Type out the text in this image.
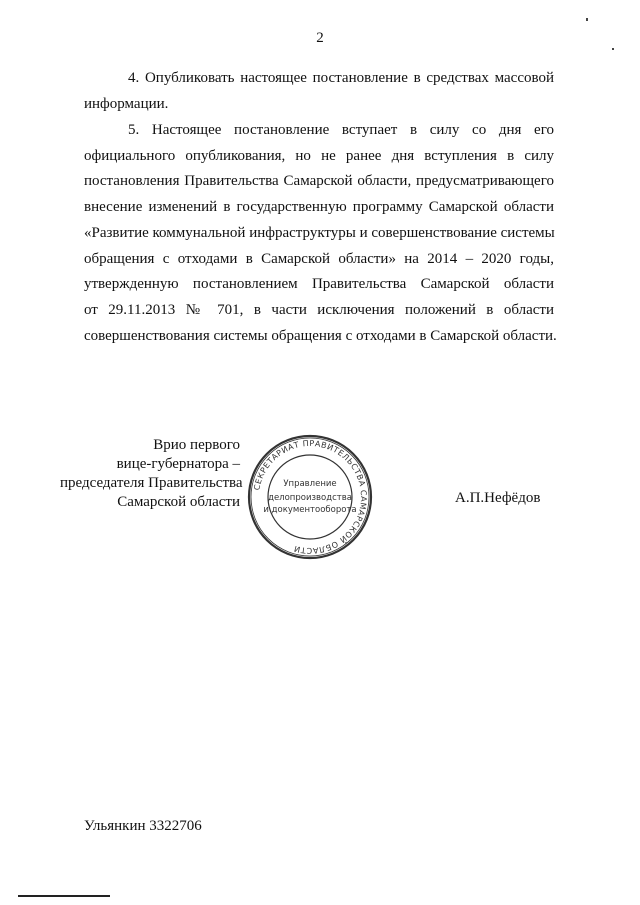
2
4. Опубликовать настоящее постановление в средствах массовой
информации.
5. Настоящее постановление вступает в силу со дня его
официального опубликования, но не ранее дня вступления в силу
постановления Правительства Самарской области, предусматривающего
внесение изменений в государственную программу Самарской области
«Развитие коммунальной инфраструктуры и совершенствование системы
обращения с отходами в Самарской области» на 2014 – 2020 годы,
утвержденную постановлением Правительства Самарской области
от 29.11.2013 № 701, в части исключения положений в области
совершенствования системы обращения с отходами в Самарской области.
Врио первого
вице-губернатора –
председателя Правительства
Самарской области
СЕКРЕТАРИАТ ПРАВИТЕЛЬСТВА САМАРСКОЙ ОБЛАСТИ
Управление
делопроизводства
и документооборота
А.П.Нефёдов
Ульянкин 3322706
